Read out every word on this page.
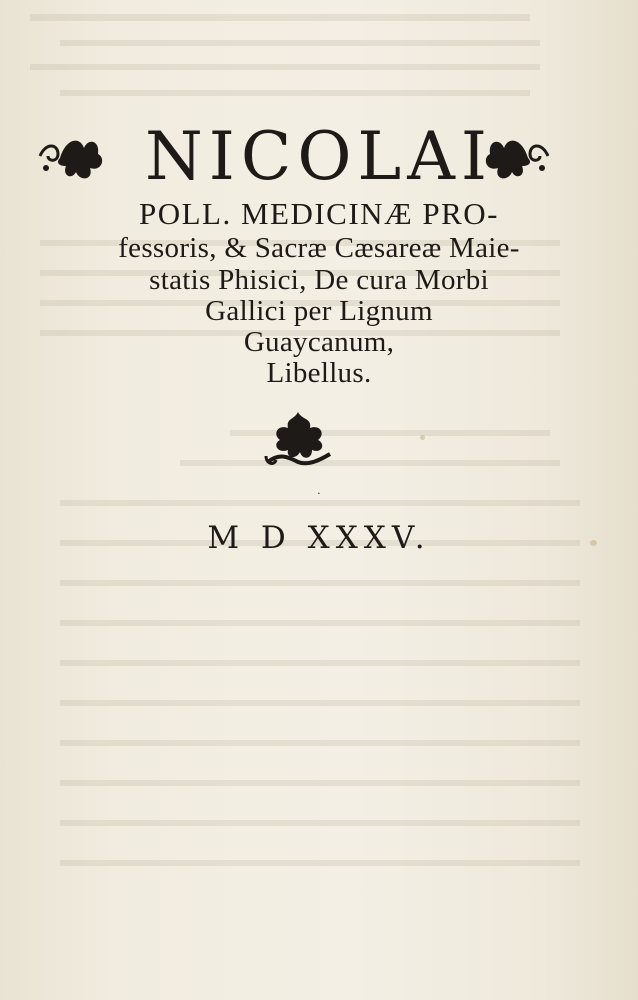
NICOLAI
POLL. MEDICINÆ PRO-
fessoris, & Sacræ Cæsareæ Maie-
statis Phisici, De cura Morbi
Gallici per Lignum
Guaycanum,
Libellus.
·
M D XXXV.
